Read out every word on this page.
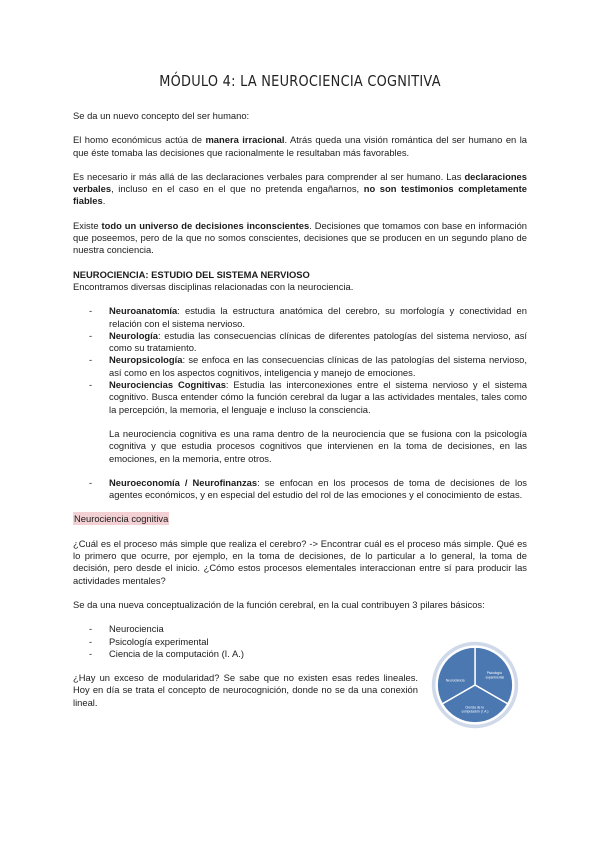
MÓDULO 4: LA NEUROCIENCIA COGNITIVA

Se da un nuevo concepto del ser humano:

El homo económicus actúa de manera irracional. Atrás queda una visión romántica del ser humano en la que éste tomaba las decisiones que racionalmente le resultaban más favorables.

Es necesario ir más allá de las declaraciones verbales para comprender al ser humano. Las declaraciones verbales, incluso en el caso en el que no pretenda engañarnos, no son testimonios completamente fiables.

Existe todo un universo de decisiones inconscientes. Decisiones que tomamos con base en información que poseemos, pero de la que no somos conscientes, decisiones que se producen en un segundo plano de nuestra conciencia.

NEUROCIENCIA: ESTUDIO DEL SISTEMA NERVIOSO

Encontramos diversas disciplinas relacionadas con la neurociencia.

- Neuroanatomía: estudia la estructura anatómica del cerebro, su morfología y conectividad en relación con el sistema nervioso.
- Neurología: estudia las consecuencias clínicas de diferentes patologías del sistema nervioso, así como su tratamiento.
- Neuropsicología: se enfoca en las consecuencias clínicas de las patologías del sistema nervioso, así como en los aspectos cognitivos, inteligencia y manejo de emociones.
- Neurociencias Cognitivas: Estudia las interconexiones entre el sistema nervioso y el sistema cognitivo. Busca entender cómo la función cerebral da lugar a las actividades mentales, tales como la percepción, la memoria, el lenguaje e incluso la consciencia.

La neurociencia cognitiva es una rama dentro de la neurociencia que se fusiona con la psicología cognitiva y que estudia procesos cognitivos que intervienen en la toma de decisiones, en las emociones, en la memoria, entre otros.

- Neuroeconomía / Neurofinanzas: se enfocan en los procesos de toma de decisiones de los agentes económicos, y en especial del estudio del rol de las emociones y el conocimiento de estas.

Neurociencia cognitiva

¿Cuál es el proceso más simple que realiza el cerebro? -> Encontrar cuál es el proceso más simple. Qué es lo primero que ocurre, por ejemplo, en la toma de decisiones, de lo particular a lo general, la toma de decisión, pero desde el inicio. ¿Cómo estos procesos elementales interaccionan entre sí para producir las actividades mentales?

Se da una nueva conceptualización de la función cerebral, en la cual contribuyen 3 pilares básicos:

- Neurociencia
- Psicología experimental
- Ciencia de la computación (I. A.)

¿Hay un exceso de modularidad? Se sabe que no existen esas redes lineales. Hoy en día se trata el concepto de neurocognición, donde no se da una conexión lineal.

Neurociencia
Psicología experimental
Ciencia de la computación (I. A.)
